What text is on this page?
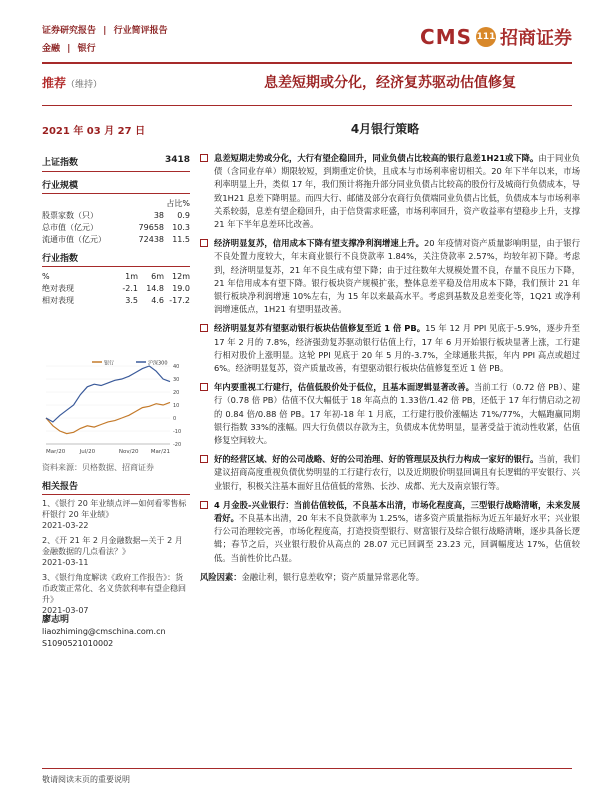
证券研究报告 | 行业简评报告
金融 | 银行	CMS 111 招商证券
推荐（维持）	息差短期或分化，经济复苏驱动估值修复
2021 年 03 月 27 日	4月银行策略
上证指数	3418
行业规模
占比%
股票家数（只）	38	0.9
总市值（亿元）	79658	10.3
流通市值（亿元）	72438	11.5
行业指数
%	1m	6m	12m
绝对表现	-2.1	14.8	19.0
相对表现	3.5	4.6 -17.2
银行	沪深300
40
30
20
10
0
-10
-20
Mar/20	Jul/20	Nov/20 Mar/21
资料来源：贝格数据、招商证券
相关报告
1、《银行 20 年业绩点评—如何看零售标杆银行 20 年业绩》
2021-03-22
2、《开 21 年 2 月金融数据—关于 2 月金融数据的几点看法？》
2021-03-11
3、《银行角度解读《政府工作报告》：货币政策正常化、名义贷款利率有望企稳回升》
2021-03-07
廖志明
liaozhiming@cmschina.com.cn
S1090521010002
息差短期走势或分化，大行有望企稳回升，同业负债占比较高的银行息差1H21或下降。由于同业负债（含同业存单）期限较短，到期重定价快，且成本与市场利率密切相关。20 年下半年以来，市场利率明显上升，类似 17 年，我们预计将拖升部分同业负债占比较高的股份行及城商行负债成本，导致1H21 息差下降明显。而四大行、邮储及部分农商行负债端同业负债占比低，负债成本与市场利率关系较弱，息差有望企稳回升，由于信贷需求旺盛，市场利率回升，资产收益率有望稳步上升，支撑 21 年下半年息差环比改善。
经济明显复苏，信用成本下降有望支撑净利润增速上升。20 年疫情对资产质量影响明显，由于银行不良处置力度较大，年末商业银行不良贷款率 1.84%，关注贷款率 2.57%，均较年初下降。考虑到，经济明显复苏，21 年不良生成有望下降；由于过往数年大规模处置不良，存量不良压力下降，21 年信用成本有望下降。银行板块资产规模扩张，整体息差平稳及信用成本下降，我们预计 21 年银行板块净利润增速 10%左右，为 15 年以来最高水平。考虑到基数及息差变化等，1Q21 或净利润增速低点，1H21 有望明显改善。
经济明显复苏有望驱动银行板块估值修复至近 1 倍 PB。15 年 12 月 PPI 见底于-5.9%，逐步升至 17 年 2 月的 7.8%，经济强劲复苏驱动银行估值上行，17 年 6 月开始银行板块显著上涨，工行建行相对股价上涨明显。这轮 PPI 见底于 20 年 5 月的-3.7%，全球通胀共振，年内 PPI 高点或超过 6%。经济明显复苏，资产质量改善，有望驱动银行板块估值修复至近 1 倍 PB。
年内要重视工行建行，估值低股价处于低位，且基本面逻辑显著改善。当前工行（0.72 倍 PB）、建行（0.78 倍 PB）估值不仅大幅低于 18 年高点的 1.33倍/1.42 倍 PB，还低于 17 年行情启动之初的 0.84 倍/0.88 倍 PB。17 年初-18 年 1 月底，工行建行股价涨幅达 71%/77%，大幅跑赢同期银行指数 33%的涨幅。四大行负债以存款为主，负债成本优势明显，显著受益于流动性收紧，估值修复空间较大。
好的经营区域、好的公司战略、好的公司治理、好的管理层及执行力构成一家好的银行。当前，我们建议招商高度重视负债优势明显的工行建行农行，以及近期股价明显回调且有长逻辑的平安银行、兴业银行，积极关注基本面好且估值低的常熟、长沙、成都、光大及南京银行等。
4 月金股-兴业银行：当前估值较低，不良基本出清，市场化程度高，三型银行战略清晰，未来发展看好。不良基本出清，20 年末不良贷款率为 1.25%，诸多资产质量指标为近五年最好水平；兴业银行公司治理较完善，市场化程度高，打造投资型银行、财富银行及综合银行战略清晰，逐步具备长逻辑；春节之后，兴业银行股价从高点的 28.07 元已回调至 23.23 元，回调幅度达 17%，估值较低。当前性价比凸显。
风险因素：金融让利，银行息差收窄；资产质量异常恶化等。
敬请阅读末页的重要说明
